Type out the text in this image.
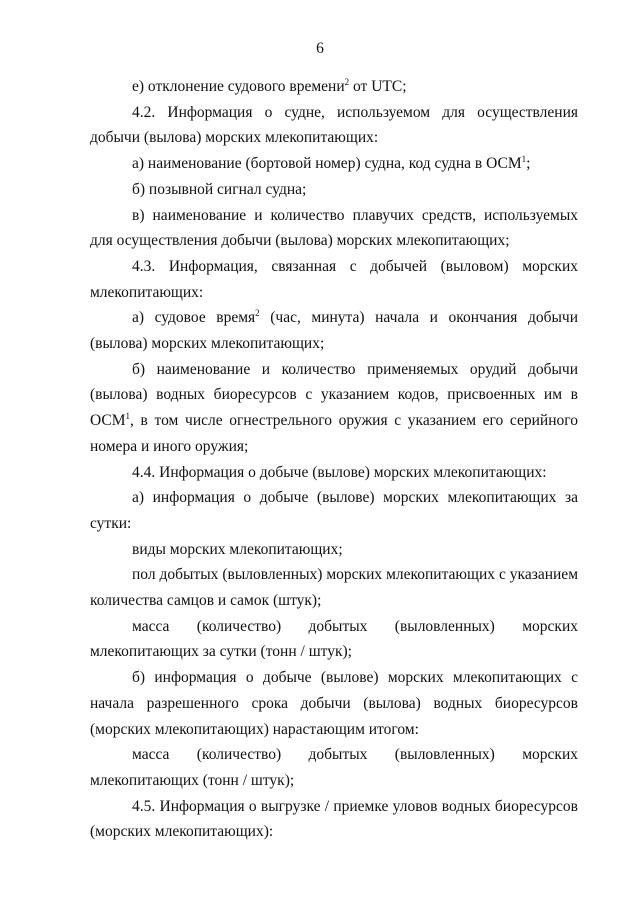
6

е) отклонение судового времени$^2$ от UTC;

4.2. Информация о судне, используемом для осуществления добычи (вылова) морских млекопитающих:

а) наименование (бортовой номер) судна, код судна в ОСМ$^1$;

б) позывной сигнал судна;

в) наименование и количество плавучих средств, используемых для осуществления добычи (вылова) морских млекопитающих;

4.3. Информация, связанная с добычей (выловом) морских млекопитающих:

а) судовое время$^2$ (час, минута) начала и окончания добычи (вылова) морских млекопитающих;

б) наименование и количество применяемых орудий добычи (вылова) водных биоресурсов с указанием кодов, присвоенных им в ОСМ$^1$, в том числе огнестрельного оружия с указанием его серийного номера и иного оружия;

4.4. Информация о добыче (вылове) морских млекопитающих:

а) информация о добыче (вылове) морских млекопитающих за сутки:

виды морских млекопитающих;

пол добытых (выловленных) морских млекопитающих с указанием количества самцов и самок (штук);

масса (количество) добытых (выловленных) морских млекопитающих за сутки (тонн / штук);

б) информация о добыче (вылове) морских млекопитающих с начала разрешенного срока добычи (вылова) водных биоресурсов (морских млекопитающих) нарастающим итогом:

масса (количество) добытых (выловленных) морских млекопитающих (тонн / штук);

4.5. Информация о выгрузке / приемке уловов водных биоресурсов (морских млекопитающих):
